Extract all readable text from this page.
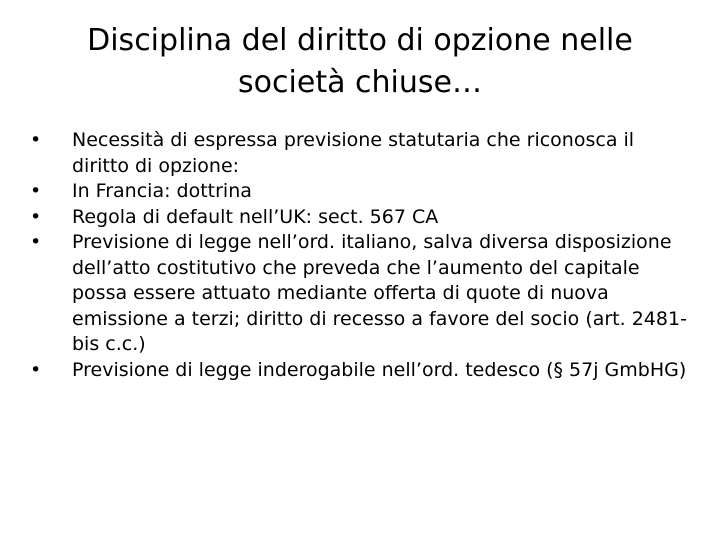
Disciplina del diritto di opzione nelle
società chiuse…
• Necessità di espressa previsione statutaria che riconosca il diritto di opzione:
• In Francia: dottrina
• Regola di default nell’UK: sect. 567 CA
• Previsione di legge nell’ord. italiano, salva diversa disposizione dell’atto costitutivo che preveda che l’aumento del capitale possa essere attuato mediante offerta di quote di nuova emissione a terzi; diritto di recesso a favore del socio (art. 2481-bis c.c.)
• Previsione di legge inderogabile nell’ord. tedesco (§ 57j GmbHG)
